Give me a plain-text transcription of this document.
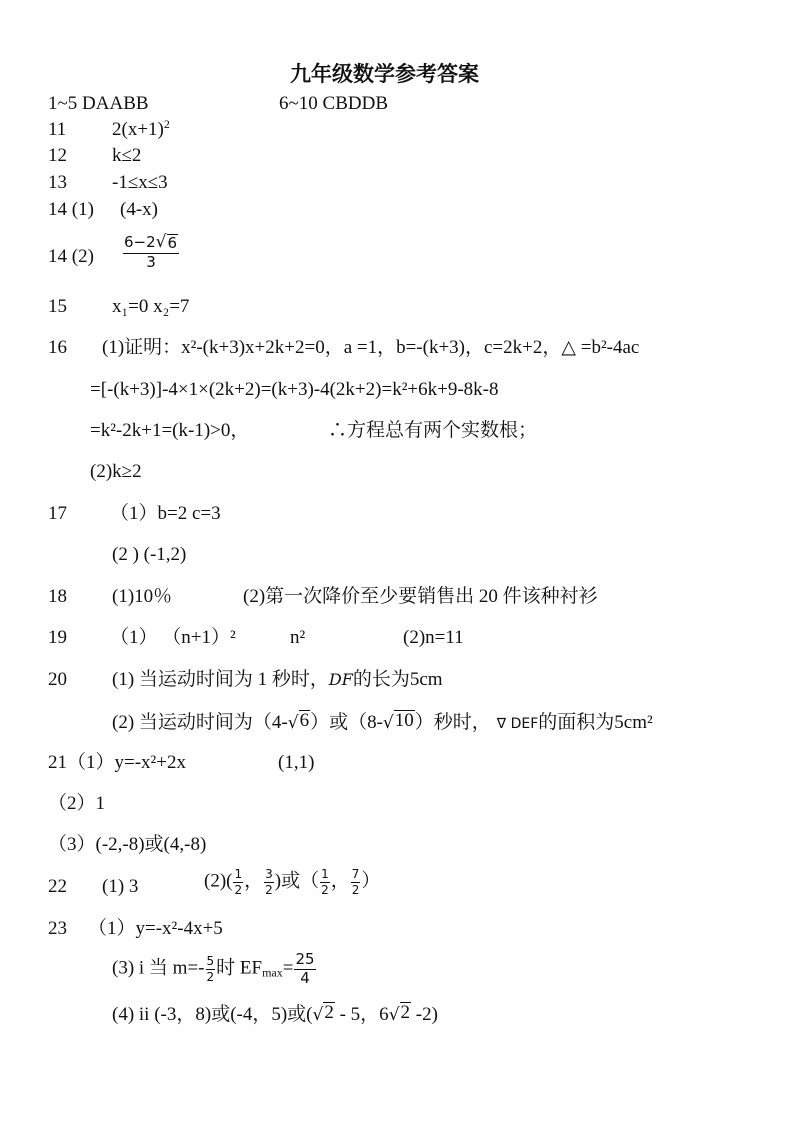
九年级数学参考答案
1~5 DAABB	6~10 CBDDB
11 $2(x+1)^2$
12 k≤2
13 -1≤x≤3
14 (1) (4-x)
14 $(2) \frac{6-2 √ 6}{3}$
15 x₁=0 x₂=7
16 (1)证明：x²-(k+3)x+2k+2=0，a =1，b=-(k+3)，c=2k+2，△ =b²-4ac
=[-(k+3)]-4×1×(2k+2)=(k+3)-4(2k+2)=k²+6k+9-8k-8
=k²-2k+1=(k-1)>0，	∴方程总有两个实数根；
(2)k≥2
17 （1）b=2 c=3
(2 ) (-1,2)
18 (1)10％	(2)第一次降价至少要销售出 20 件该种衬衫
19 （1） （n+1）²	n²	(2)n=11
20 (1) 当运动时间为 1 秒时，DF的长为5cm
(2) 当运动时间为（4- √ 6 ）或（8- √ 10 ）秒时， ∇ DEF的面积为5cm²
21（1）y=-x²+2x	(1,1)
（2）1
（3）(-2,-8)或(4,-8)
22 (1) 3	$(2)( \frac{1}{2}$ ， $\frac{3}{2}$ )或（ $\frac{1}{2}$ ， $\frac{7}{2}$ ）
23 （1）y=-x²-4x+5
(3) i 当 $m=- \frac{5}{2}$ 时 $EF_{max}= \frac{25}{4}$
(4) ii (-3，8)或(-4，5)或( √ 2 - 5，6 √ 2 -2)
